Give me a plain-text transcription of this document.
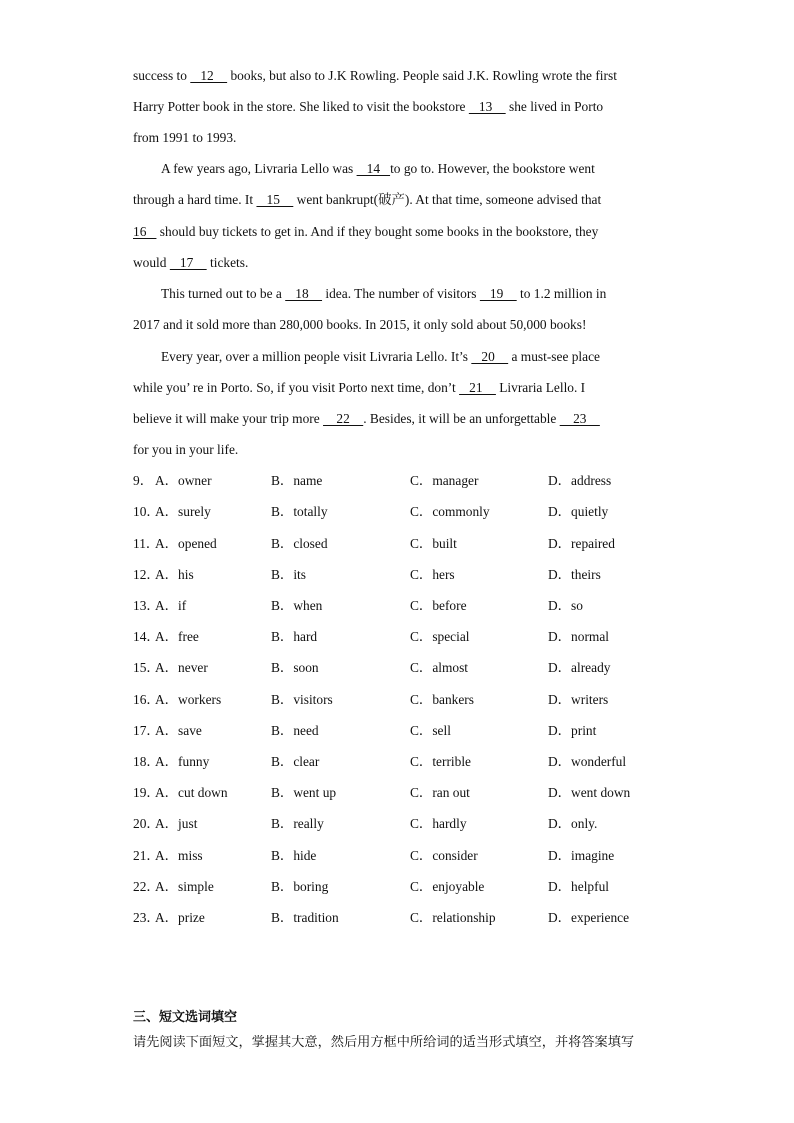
success to    12     books, but also to J.K Rowling. People said J.K. Rowling wrote the first
Harry Potter book in the store. She liked to visit the bookstore    13     she lived in Porto
from 1991 to 1993.
A few years ago, Livraria Lello was    14   to go to. However, the bookstore went
through a hard time. It    15     went bankrupt(破产). At that time, someone advised that
16    should buy tickets to get in. And if they bought some books in the bookstore, they
would    17     tickets.
This turned out to be a    18     idea. The number of visitors    19     to 1.2 million in
2017 and it sold more than 280,000 books. In 2015, it only sold about 50,000 books!
Every year, over a million people visit Livraria Lello. It’s    20     a must-see place
while you’ re in Porto. So, if you visit Porto next time, don’t    21     Livraria Lello. I
believe it will make your trip more     22    . Besides, it will be an unforgettable     23
for you in your life.
9． A．owner	B．name	C．manager	D．address
10．
A．surely	B．totally	C．commonly	D．quietly
11．
A．opened	B．closed	C．built	D．repaired
12．
A．his	B．its	C．hers	D．theirs
13．
A．if	B．when	C．before	D．so
14．
A．free	B．hard	C．special	D．normal
15．
A．never	B．soon	C．almost	D．already
16．
A．workers	B．visitors	C．bankers	D．writers
17．
A．save	B．need	C．sell	D．print
18．
A．funny	B．clear	C．terrible	D．wonderful
19．
A．cut down	B．went up	C．ran out	D．went down
20．
A．just	B．really	C．hardly	D．only.
21．
A．miss	B．hide	C．consider	D．imagine
22．
A．simple	B．boring	C．enjoyable	D．helpful
23．
A．prize	B．tradition	C．relationship	D．experience
三、短文选词填空
请先阅读下面短文，掌握其大意，然后用方框中所给词的适当形式填空，并将答案填写
